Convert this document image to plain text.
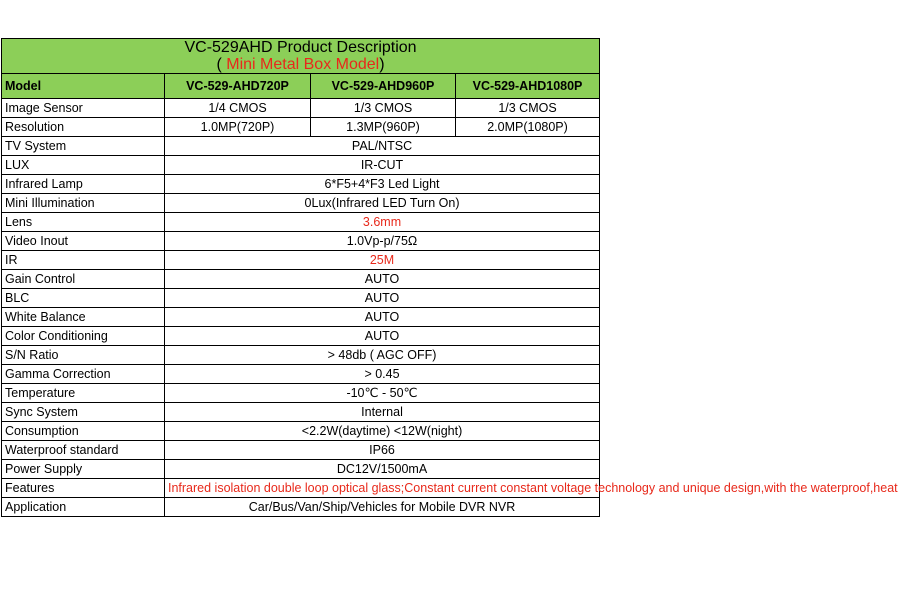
VC-529AHD Product Description
( Mini Metal Box Model)			

Model	VC-529-AHD720P	VC-529-AHD960P	VC-529-AHD1080P
Image Sensor	1/4 CMOS	1/3 CMOS	1/3 CMOS
Resolution	1.0MP(720P)	1.3MP(960P)	2.0MP(1080P)
TV System	PAL/NTSC		
LUX	IR-CUT		
Infrared Lamp	6*F5+4*F3 Led Light		
Mini Illumination	0Lux(Infrared LED Turn On)		
Lens	3.6mm		
Video Inout	1.0Vp-p/75Ω		
IR	25M		
Gain Control	AUTO		
BLC	AUTO		
White Balance	AUTO		
Color Conditioning	AUTO		
S/N Ratio	> 48db ( AGC OFF)		
Gamma Correction	> 0.45		
Temperature	-10℃ - 50℃		
Sync System	Internal		
Consumption	<2.2W(daytime) <12W(night)		
Waterproof standard	IP66		
Power Supply	DC12V/1500mA		
Features	Infrared isolation double loop optical glass;Constant current constant voltage technology and unique design,with the waterproof,heat		
Application	Car/Bus/Van/Ship/Vehicles for Mobile DVR NVR		
